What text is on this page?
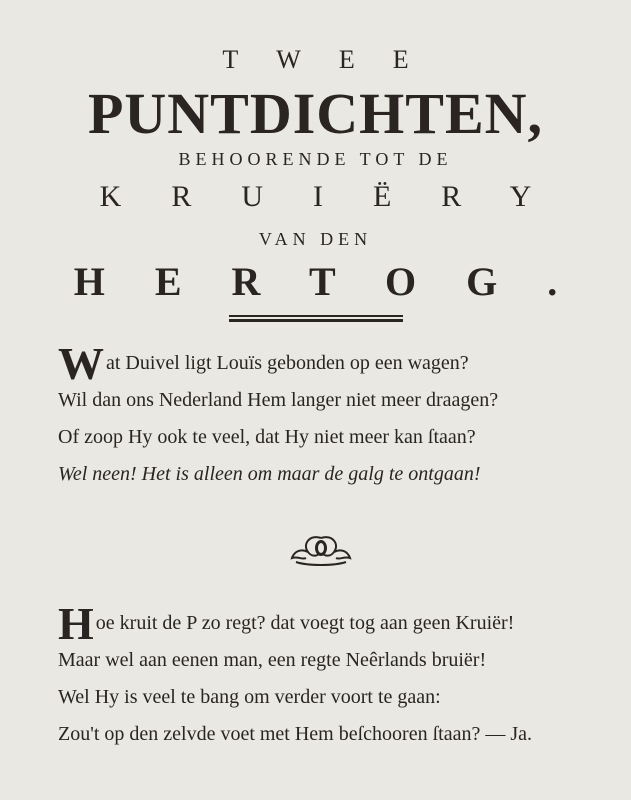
TWEE
PUNTDICHTEN,
BEHOORENDE TOT DE
KRUIËRY
VAN DEN
HERTOG.
Wat Duivel ligt Louïs gebonden op een wagen?
Wil dan ons Nederland Hem langer niet meer draagen?
Of zoop Hy ook te veel, dat Hy niet meer kan ſtaan?
Wel neen! Het is alleen om maar de galg te ontgaan!
Hoe kruit de P zo regt? dat voegt tog aan geen Kruiër!
Maar wel aan eenen man, een regte Neêrlands bruiër!
Wel Hy is veel te bang om verder voort te gaan:
Zou't op den zelvde voet met Hem beſchooren ſtaan? — Ja.
